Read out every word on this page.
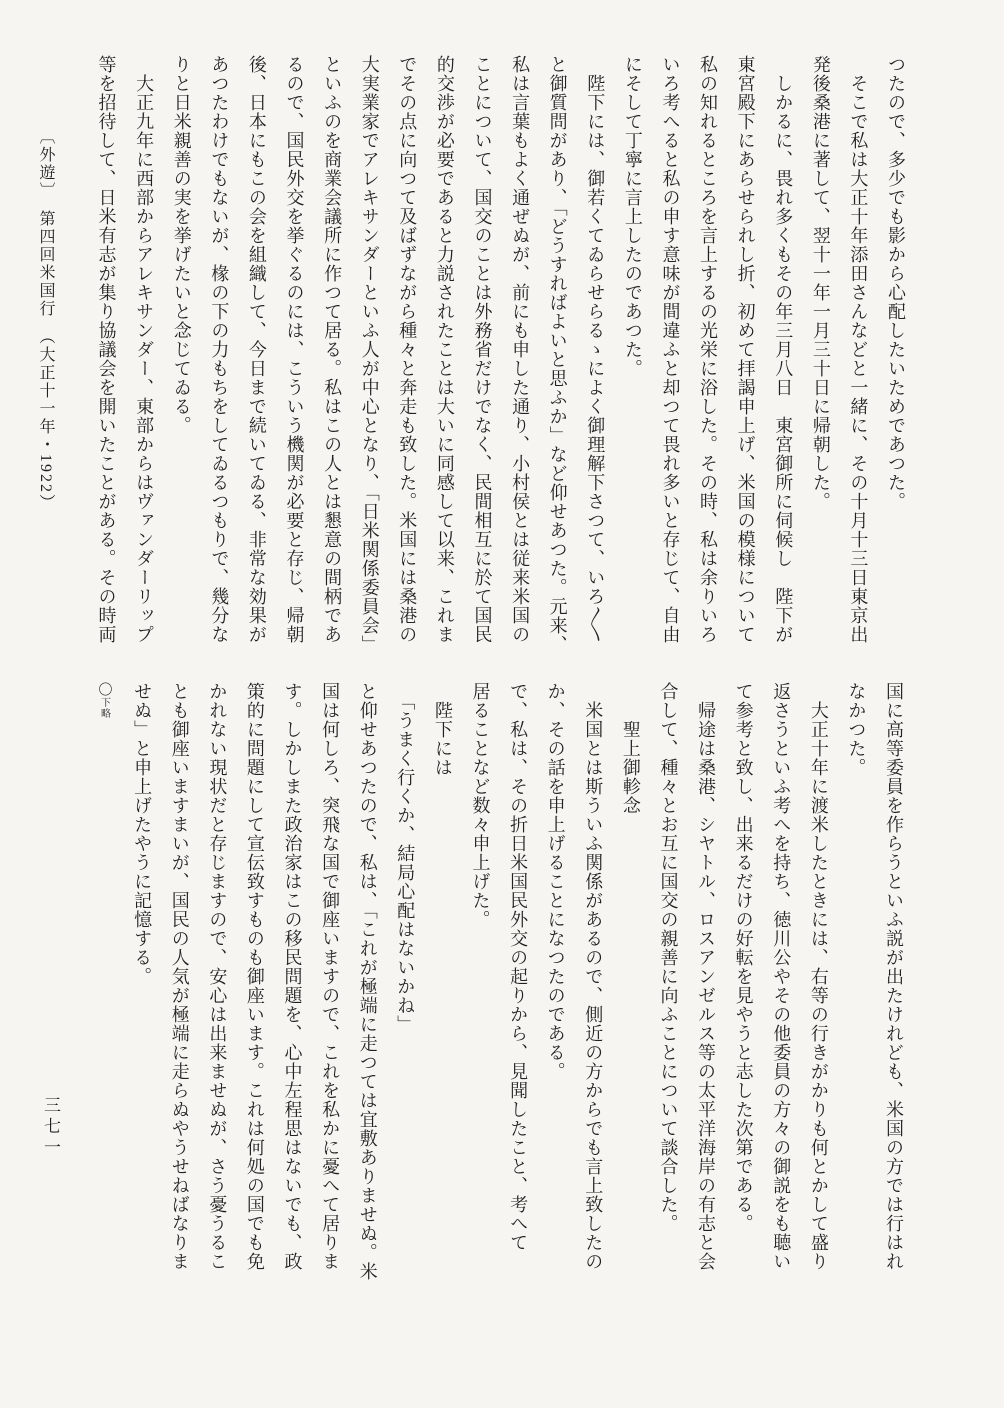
〔外遊〕　第四回米国行　（大正十一年・1922）	つたので、多少でも影から心配したいためであつた。
　そこで私は大正十年添田さんなどと一緒に、その十月十三日東京出
発後桑港に著して、翌十一年一月三十日に帰朝した。
　しかるに、畏れ多くもその年三月八日　東宮御所に伺候し　陛下が
東宮殿下にあらせられし折、初めて拝謁申上げ、米国の模様について
私の知れるところを言上するの光栄に浴した。その時、私は余りいろ
いろ考へると私の申す意味が間違ふと却つて畏れ多いと存じて、自由
にそして丁寧に言上したのであつた。
　陛下には、御若くてゐらせらるゝによく御理解下さつて、いろ〱
と御質問があり、「どうすればよいと思ふか」など仰せあつた。元来、
私は言葉もよく通ぜぬが、前にも申した通り、小村侯とは従来米国の
ことについて、国交のことは外務省だけでなく、民間相互に於て国民
的交渉が必要であると力説されたことは大いに同感して以来、これま
でその点に向つて及ばずながら種々と奔走も致した。米国には桑港の
大実業家でアレキサンダーといふ人が中心となり、「日米関係委員会」
といふのを商業会議所に作つて居る。私はこの人とは懇意の間柄であ
るので、国民外交を挙ぐるのには、こういう機関が必要と存じ、帰朝
後、日本にもこの会を組織して、今日まで続いてゐる、非常な効果が
あつたわけでもないが、椽の下の力もちをしてゐるつもりで、幾分な
りと日米親善の実を挙げたいと念じてゐる。
　大正九年に西部からアレキサンダー、東部からはヴァンダーリップ
等を招待して、日米有志が集り協議会を開いたことがある。その時両
国に高等委員を作らうといふ説が出たけれども、米国の方では行はれ
なかつた。
　大正十年に渡米したときには、右等の行きがかりも何とかして盛り
返さうといふ考へを持ち、徳川公やその他委員の方々の御説をも聴い
て参考と致し、出来るだけの好転を見やうと志した次第である。
　帰途は桑港、シヤトル、ロスアンゼルス等の太平洋海岸の有志と会
合して、種々とお互に国交の親善に向ふことについて談合した。
　　聖上御軫念
　米国とは斯ういふ関係があるので、側近の方からでも言上致したの
か、その話を申上げることになつたのである。
で、私は、その折日米国民外交の起りから、見聞したこと、考へて
居ることなど数々申上げた。
　陛下には
　「うまく行くか、結局心配はないかね」
と仰せあつたので、私は、「これが極端に走つては宜敷ありませぬ。米
国は何しろ、突飛な国で御座いますので、これを私かに憂へて居りま
す。しかしまた政治家はこの移民問題を、心中左程思はないでも、政
策的に問題にして宣伝致すものも御座います。これは何処の国でも免
かれない現状だと存じますので、安心は出来ませぬが、さう憂うるこ
とも御座いますまいが、国民の人気が極端に走らぬやうせねばなりま
せぬ」と申上げたやうに記憶する。
〇下略
三七一
